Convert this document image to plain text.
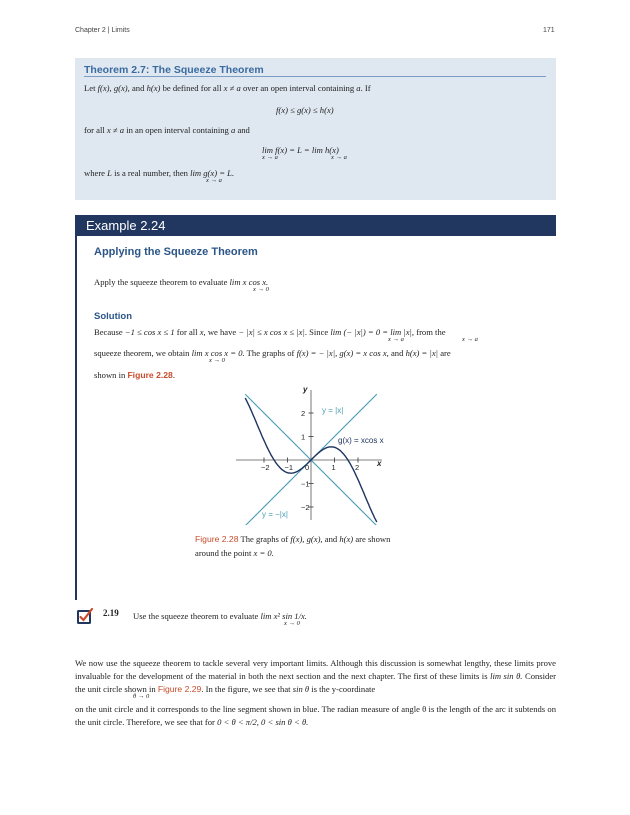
Chapter 2 | Limits	171
Theorem 2.7: The Squeeze Theorem
Let f(x), g(x), and h(x) be defined for all x ≠ a over an open interval containing a. If
f(x) ≤ g(x) ≤ h(x)
for all x ≠ a in an open interval containing a and
lim f(x) = L = lim h(x)
x → a	x → a
where L is a real number, then lim g(x) = L.
x → a
Example 2.24
Applying the Squeeze Theorem
Apply the squeeze theorem to evaluate lim x cos x.
x → 0
Solution
Because −1 ≤ cos x ≤ 1 for all x, we have − |x| ≤ x cos x ≤ |x|. Since lim (− |x|) = 0 = lim |x|, from the
x → a	x → a
squeeze theorem, we obtain lim x cos x = 0. The graphs of f(x) = − |x|, g(x) = x cos x, and h(x) = |x| are
x → 0
shown in Figure 2.28.
−2 −1 0	1	2
2
1
−1
−2
x
y
y = |x|
g(x) = xcos x
y = −|x|
Figure 2.28 The graphs of f(x), g(x), and h(x) are shown
around the point x = 0.
2.19 Use the squeeze theorem to evaluate lim x² sin 1/x.
x → 0
We now use the squeeze theorem to tackle several very important limits. Although this discussion is somewhat lengthy, these limits prove invaluable for the development of the material in both the next section and the next chapter. The first of these limits is lim sin θ. Consider the unit circle shown in Figure 2.29. In the figure, we see that sin θ is the y-coordinate
θ → 0
on the unit circle and it corresponds to the line segment shown in blue. The radian measure of angle θ is the length of the arc it subtends on the unit circle. Therefore, we see that for 0 < θ < π/2, 0 < sin θ < θ.
